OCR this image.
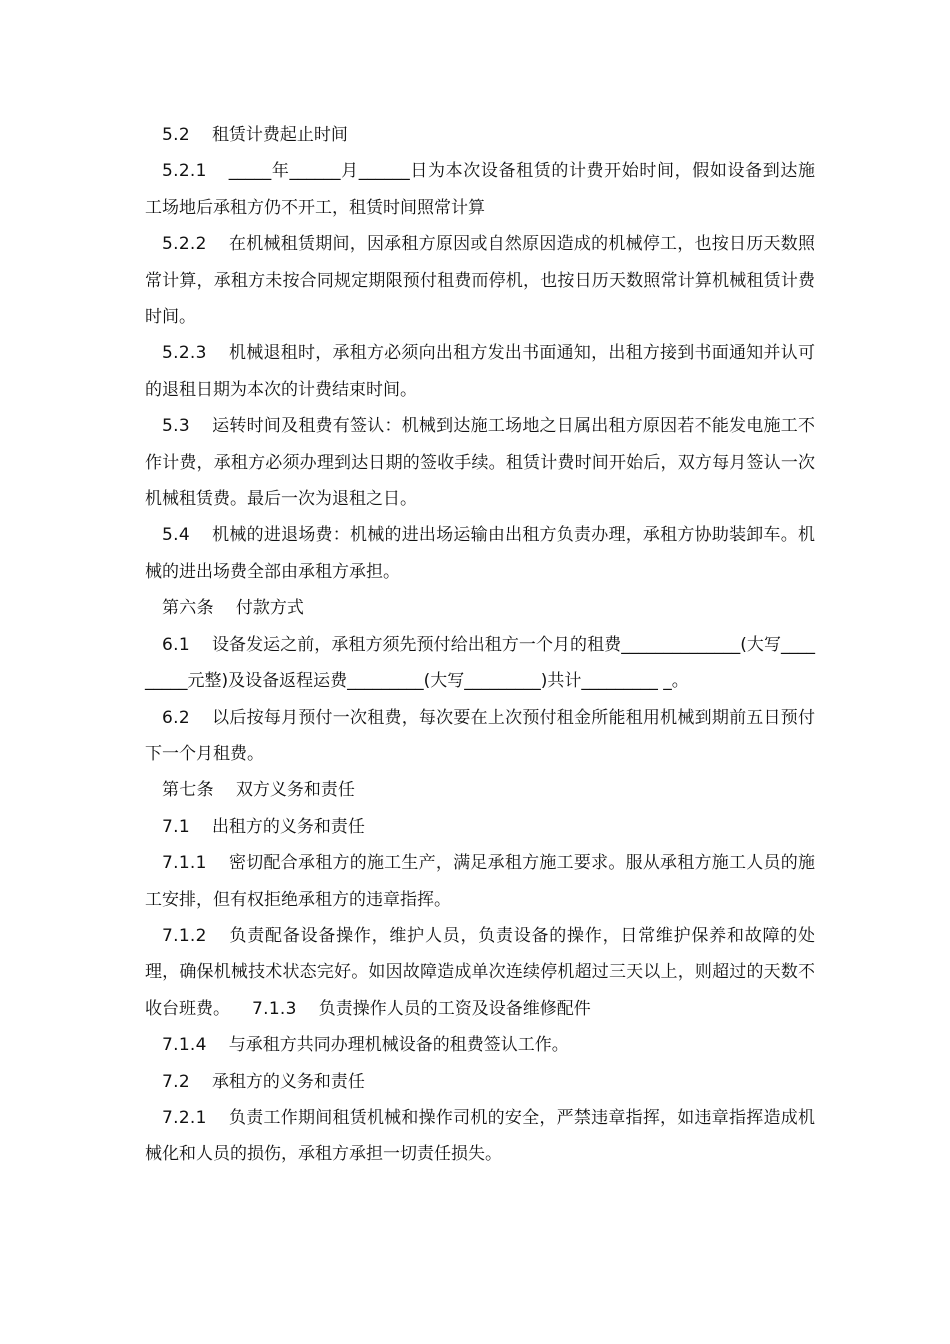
5.2 租赁计费起止时间

5.2.1 _____年______月______日为本次设备租赁的计费开始时间，假如设备到达施工场地后承租方仍不开工，租赁时间照常计算

5.2.2 在机械租赁期间，因承租方原因或自然原因造成的机械停工，也按日历天数照常计算，承租方未按合同规定期限预付租费而停机，也按日历天数照常计算机械租赁计费时间。

5.2.3 机械退租时，承租方必须向出租方发出书面通知，出租方接到书面通知并认可的退租日期为本次的计费结束时间。

5.3 运转时间及租费有签认：机械到达施工场地之日属出租方原因若不能发电施工不作计费，承租方必须办理到达日期的签收手续。租赁计费时间开始后，双方每月签认一次机械租赁费。最后一次为退租之日。

5.4 机械的进退场费：机械的进出场运输由出租方负责办理，承租方协助装卸车。机械的进出场费全部由承租方承担。

第六条 付款方式

6.1 设备发运之前，承租方须先预付给出租方一个月的租费______________(大写_________元整)及设备返程运费_________(大写_________)共计_________ _。

6.2 以后按每月预付一次租费，每次要在上次预付租金所能租用机械到期前五日预付下一个月租费。

第七条 双方义务和责任

7.1 出租方的义务和责任

7.1.1 密切配合承租方的施工生产，满足承租方施工要求。服从承租方施工人员的施工安排，但有权拒绝承租方的违章指挥。

7.1.2 负责配备设备操作，维护人员，负责设备的操作，日常维护保养和故障的处理，确保机械技术状态完好。如因故障造成单次连续停机超过三天以上，则超过的天数不收台班费。 7.1.3 负责操作人员的工资及设备维修配件

7.1.4 与承租方共同办理机械设备的租费签认工作。

7.2 承租方的义务和责任

7.2.1 负责工作期间租赁机械和操作司机的安全，严禁违章指挥，如违章指挥造成机械化和人员的损伤，承租方承担一切责任损失。
